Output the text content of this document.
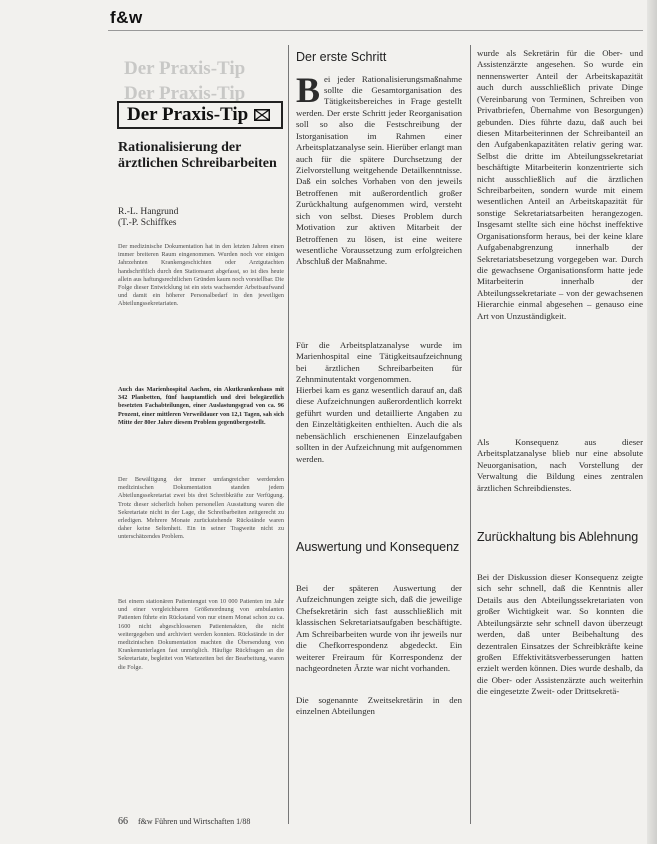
f&w
Der Praxis-Tip
Der Praxis-Tip
Der Praxis-Tip
Rationalisierung der ärztlichen Schreibarbeiten
R.-L. Hangrund
(T.-P. Schiffkes
Der medizinische Dokumentation hat in den letzten Jahren einen immer breiteren Raum eingenommen. Wurden noch vor einigen Jahrzehnten Krankengeschichten oder Arztgutachten handschriftlich durch den Stationsarzt abgefasst, so ist dies heute allein aus haftungsrechtlichen Gründen kaum noch vorstellbar. Die Folge dieser Entwicklung ist ein stets wachsender Arbeitsaufwand und damit ein höherer Personalbedarf in den jeweiligen Abteilungssekretariaten.
Auch das Marienhospital Aachen, ein Akutkrankenhaus mit 342 Planbetten, fünf hauptamtlich und drei belegärztlich besetzten Fachabteilungen, einer Auslastungsgrad von ca. 96 Prozent, einer mittleren Verweildauer von 12,1 Tagen, sah sich Mitte der 80er Jahre diesem Problem gegenübergestellt.
Der Bewältigung der immer umfangreicher werdenden medizinischen Dokumentation standen jedem Abteilungssekretariat zwei bis drei Schreibkräfte zur Verfügung. Trotz dieser sicherlich hohen personellen Ausstattung waren die Sekretariate nicht in der Lage, die Schreibarbeiten zeitgerecht zu erledigen. Mehrere Monate zurückstehende Rückstände waren daher keine Seltenheit. Ein in seiner Tragweite nicht zu unterschätzendes Problem.
Bei einem stationären Patientengut von 10 000 Patienten im Jahr und einer vergleichbaren Größenordnung von ambulanten Patienten führte ein Rückstand von nur einem Monat schon zu ca. 1600 nicht abgeschlossenen Patientenakten, die nicht weitergegeben und archiviert werden konnten. Rückstände in der medizinischen Dokumentation machten die Übersendung von Krankenunterlagen fast unmöglich. Häufige Rückfragen an die Sekretariate, begleitet von Wartezeiten bei der Bearbeitung, waren die Folge.
66 f&w Führen und Wirtschaften 1/88
Der erste Schritt

Bei jeder Rationalisierungsmaßnahme sollte die Gesamtorganisation des Tätigkeitsbereiches in Frage gestellt werden. Der erste Schritt jeder Reorganisation soll so also die Festschreibung der Istorganisation im Rahmen einer Arbeitsplatzanalyse sein. Hierüber erlangt man auch für die spätere Durchsetzung der Zielvorstellung weitgehende Detailkenntnisse. Daß ein solches Vorhaben von den jeweils Betroffenen mit außerordentlich großer Zurückhaltung aufgenommen wird, versteht sich von selbst. Dieses Problem durch Motivation zur aktiven Mitarbeit der Betroffenen zu lösen, ist eine weitere wesentliche Voraussetzung zum erfolgreichen Abschluß der Maßnahme.

Für die Arbeitsplatzanalyse wurde im Marienhospital eine Tätigkeitsaufzeichnung bei ärztlichen Schreibarbeiten für Zehnminutentakt vorgenommen.

Hierbei kam es ganz wesentlich darauf an, daß diese Aufzeichnungen außerordentlich korrekt geführt wurden und detaillierte Angaben zu den Einzeltätigkeiten enthielten. Auch die als nebensächlich erschienenen Einzelaufgaben sollten in der Aufzeichnung mit aufgenommen werden.

Auswertung und Konsequenz

Bei der späteren Auswertung der Aufzeichnungen zeigte sich, daß die jeweilige Chefsekretärin sich fast ausschließlich mit klassischen Sekretariatsaufgaben beschäftigte. Am Schreibarbeiten wurde von ihr jeweils nur die Chefkorrespondenz abgedeckt. Ein weiterer Freiraum für Korrespondenz der nachgeordneten Ärzte war nicht vorhanden.

Die sogenannte Zweitsekretärin in den einzelnen Abteilungen

wurde als Sekretärin für die Ober- und Assistenzärzte angesehen. So wurde ein nennenswerter Anteil der Arbeitskapazität auch durch ausschließlich private Dinge (Vereinbarung von Terminen, Schreiben von Privatbriefen, Übernahme von Besorgungen) gebunden. Dies führte dazu, daß auch bei diesen Mitarbeiterinnen der Schreibanteil an den Aufgabenkapazitäten relativ gering war. Selbst die dritte im Abteilungssekretariat beschäftigte Mitarbeiterin konzentrierte sich nicht ausschließlich auf die ärztlichen Schreibarbeiten, sondern wurde mit einem wesentlichen Anteil an Arbeitskapazität für sonstige Sekretariatsarbeiten herangezogen. Insgesamt stellte sich eine höchst ineffektive Organisationsform heraus, bei der keine klare Aufgabenabgrenzung innerhalb der Sekretariatsbesetzung vorgegeben war. Durch die gewachsene Organisationsform hatte jede Mitarbeiterin innerhalb der Abteilungssekretariate – von der gewachsenen Hierarchie einmal abgesehen – genauso eine Art von Unzuständigkeit.

Als Konsequenz aus dieser Arbeitsplatzanalyse blieb nur eine absolute Neuorganisation, nach Vorstellung der Verwaltung die Bildung eines zentralen ärztlichen Schreibdienstes.

Zurückhaltung bis Ablehnung

Bei der Diskussion dieser Konsequenz zeigte sich sehr schnell, daß die Kenntnis aller Details aus den Abteilungssekretariaten von großer Wichtigkeit war. So konnten die Abteilungsärzte sehr schnell davon überzeugt werden, daß unter Beibehaltung des dezentralen Einsatzes der Schreibkräfte keine großen Effektivitätsverbesserungen hatten erzielt werden können. Dies wurde deshalb, da die Ober- oder Assistenzärzte auch weiterhin die eingesetzte Zweit- oder Drittsekretä-
